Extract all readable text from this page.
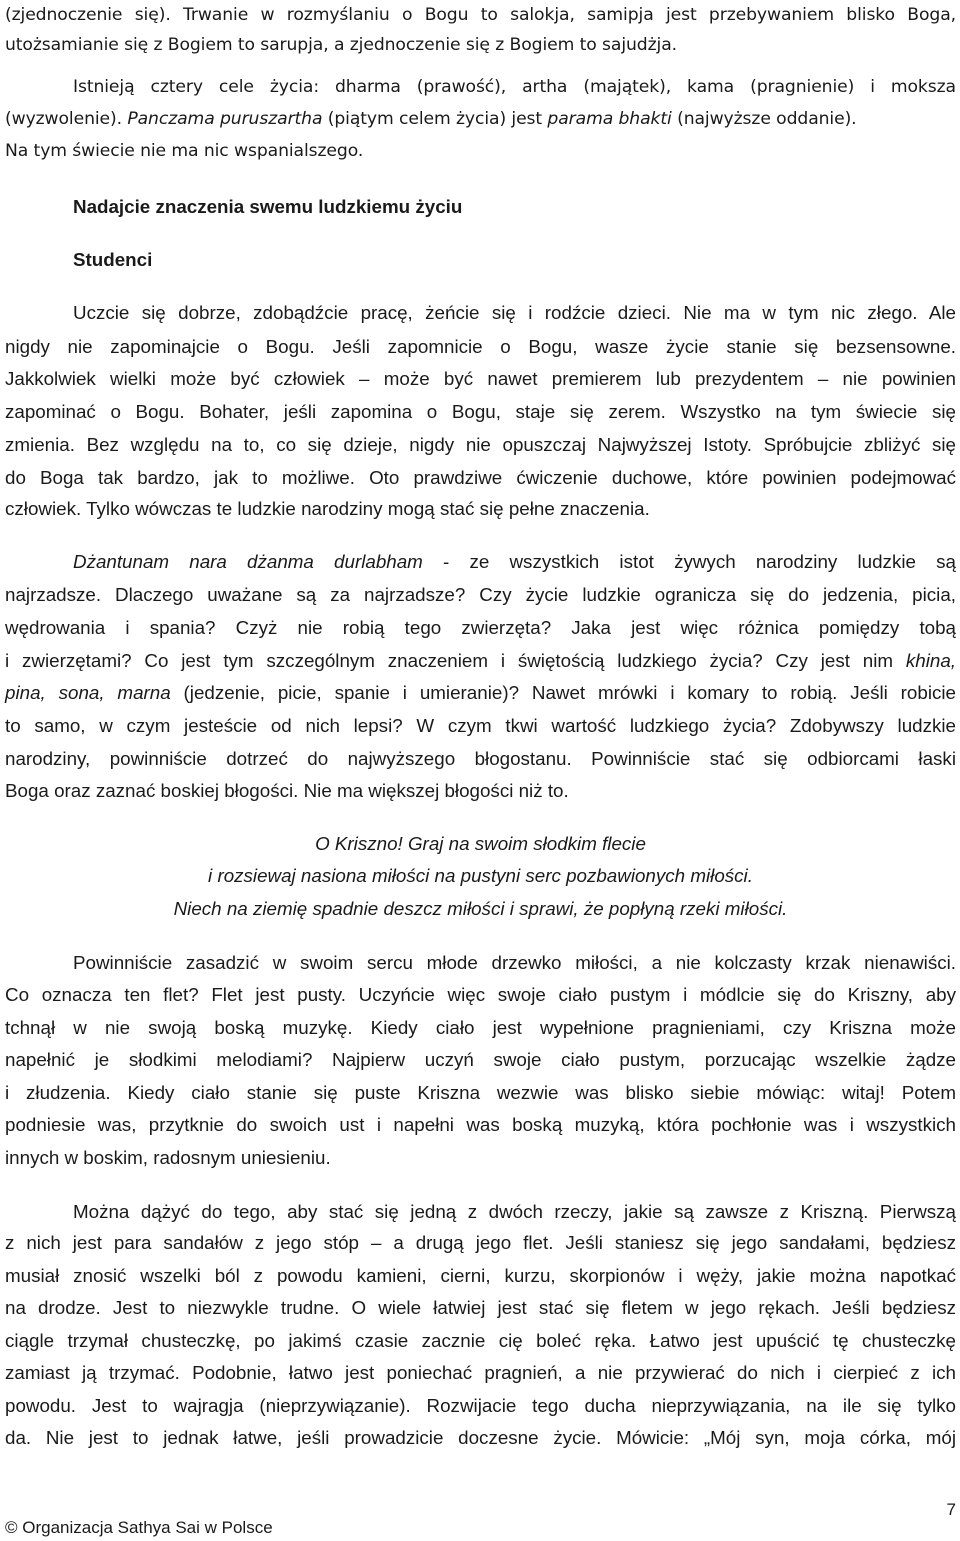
(zjednoczenie się). Trwanie w rozmyślaniu o Bogu to salokja, samipja jest przebywaniem blisko Boga,
utożsamianie się z Bogiem to sarupja, a zjednoczenie się z Bogiem to sajudżja.
Istnieją cztery cele życia: dharma (prawość), artha (majątek), kama (pragnienie) i moksza
(wyzwolenie). Panczama puruszartha (piątym celem życia) jest parama bhakti (najwyższe oddanie).
Na tym świecie nie ma nic wspanialszego.
Nadajcie znaczenia swemu ludzkiemu życiu
Studenci
Uczcie się dobrze, zdobądźcie pracę, żeńcie się i rodźcie dzieci. Nie ma w tym nic złego. Ale
nigdy nie zapominajcie o Bogu. Jeśli zapomnicie o Bogu, wasze życie stanie się bezsensowne.
Jakkolwiek wielki może być człowiek – może być nawet premierem lub prezydentem – nie powinien
zapominać o Bogu. Bohater, jeśli zapomina o Bogu, staje się zerem. Wszystko na tym świecie się
zmienia. Bez względu na to, co się dzieje, nigdy nie opuszczaj Najwyższej Istoty. Spróbujcie zbliżyć się
do Boga tak bardzo, jak to możliwe. Oto prawdziwe ćwiczenie duchowe, które powinien podejmować
człowiek. Tylko wówczas te ludzkie narodziny mogą stać się pełne znaczenia.
Dżantunam nara dżanma durlabham - ze wszystkich istot żywych narodziny ludzkie są
najrzadsze. Dlaczego uważane są za najrzadsze? Czy życie ludzkie ogranicza się do jedzenia, picia,
wędrowania i spania? Czyż nie robią tego zwierzęta? Jaka jest więc różnica pomiędzy tobą
i zwierzętami? Co jest tym szczególnym znaczeniem i świętością ludzkiego życia? Czy jest nim khina,
pina, sona, marna (jedzenie, picie, spanie i umieranie)? Nawet mrówki i komary to robią. Jeśli robicie
to samo, w czym jesteście od nich lepsi? W czym tkwi wartość ludzkiego życia? Zdobywszy ludzkie
narodziny, powinniście dotrzeć do najwyższego błogostanu. Powinniście stać się odbiorcami łaski
Boga oraz zaznać boskiej błogości. Nie ma większej błogości niż to.
O Kriszno! Graj na swoim słodkim flecie
i rozsiewaj nasiona miłości na pustyni serc pozbawionych miłości.
Niech na ziemię spadnie deszcz miłości i sprawi, że popłyną rzeki miłości.
Powinniście zasadzić w swoim sercu młode drzewko miłości, a nie kolczasty krzak nienawiści.
Co oznacza ten flet? Flet jest pusty. Uczyńcie więc swoje ciało pustym i módlcie się do Kriszny, aby
tchnął w nie swoją boską muzykę. Kiedy ciało jest wypełnione pragnieniami, czy Kriszna może
napełnić je słodkimi melodiami? Najpierw uczyń swoje ciało pustym, porzucając wszelkie żądze
i złudzenia. Kiedy ciało stanie się puste Kriszna wezwie was blisko siebie mówiąc: witaj! Potem
podniesie was, przytknie do swoich ust i napełni was boską muzyką, która pochłonie was i wszystkich
innych w boskim, radosnym uniesieniu.
Można dążyć do tego, aby stać się jedną z dwóch rzeczy, jakie są zawsze z Kriszną. Pierwszą
z nich jest para sandałów z jego stóp – a drugą jego flet. Jeśli staniesz się jego sandałami, będziesz
musiał znosić wszelki ból z powodu kamieni, cierni, kurzu, skorpionów i węży, jakie można napotkać
na drodze. Jest to niezwykle trudne. O wiele łatwiej jest stać się fletem w jego rękach. Jeśli będziesz
ciągle trzymał chusteczkę, po jakimś czasie zacznie cię boleć ręka. Łatwo jest upuścić tę chusteczkę
zamiast ją trzymać. Podobnie, łatwo jest poniechać pragnień, a nie przywierać do nich i cierpieć z ich
powodu. Jest to wajragja (nieprzywiązanie). Rozwijacie tego ducha nieprzywiązania, na ile się tylko
da. Nie jest to jednak łatwe, jeśli prowadzicie doczesne życie. Mówicie: „Mój syn, moja córka, mój
7
© Organizacja Sathya Sai w Polsce
